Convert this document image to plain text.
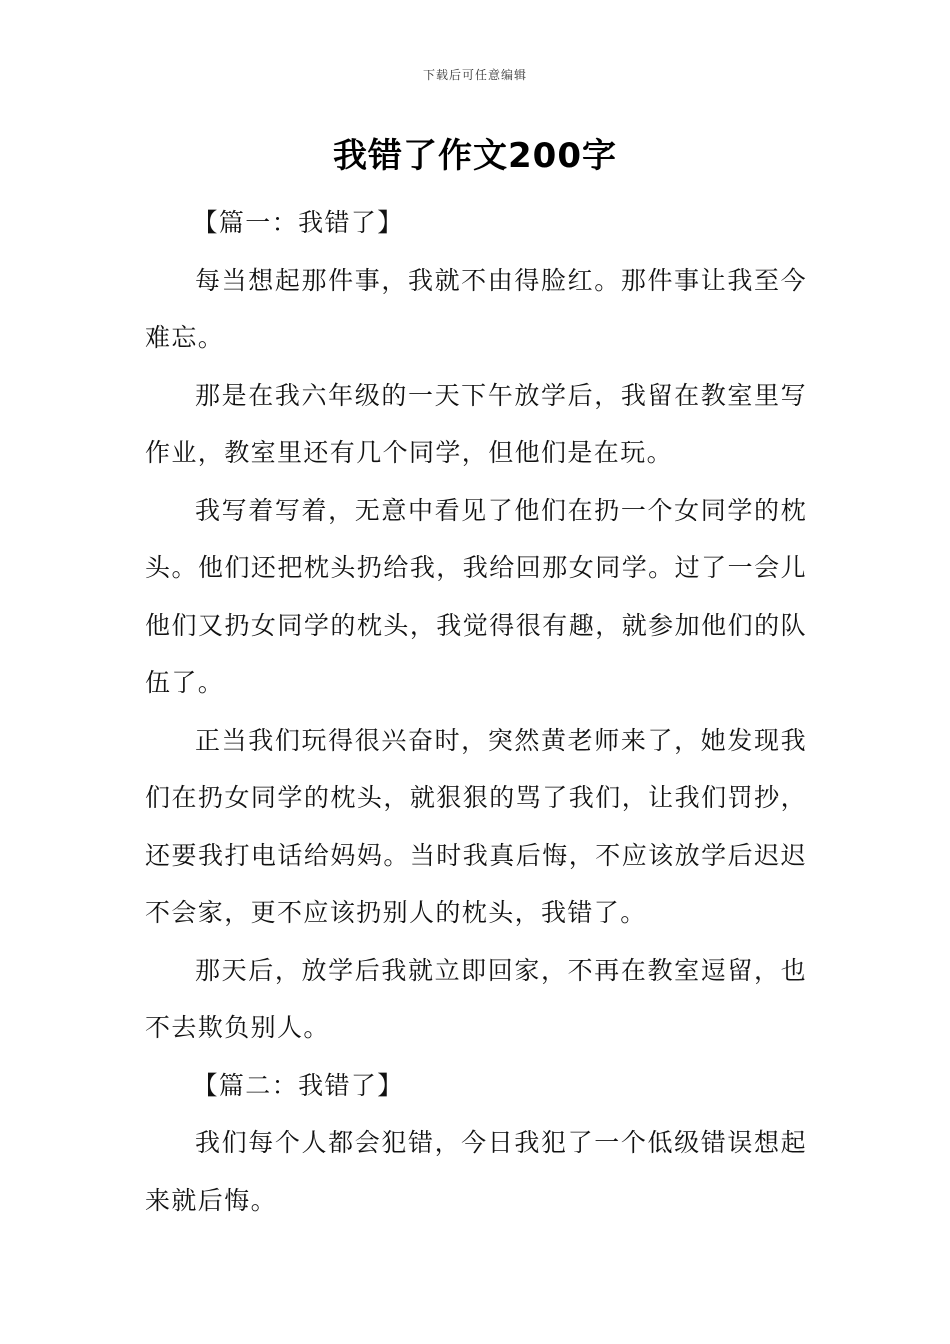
下载后可任意编辑
我错了作文200字

【篇一：我错了】

每当想起那件事，我就不由得脸红。那件事让我至今难忘。

那是在我六年级的一天下午放学后，我留在教室里写作业，教室里还有几个同学，但他们是在玩。

我写着写着，无意中看见了他们在扔一个女同学的枕头。他们还把枕头扔给我，我给回那女同学。过了一会儿他们又扔女同学的枕头，我觉得很有趣，就参加他们的队伍了。

正当我们玩得很兴奋时，突然黄老师来了，她发现我们在扔女同学的枕头，就狠狠的骂了我们，让我们罚抄，还要我打电话给妈妈。当时我真后悔，不应该放学后迟迟不会家，更不应该扔别人的枕头，我错了。

那天后，放学后我就立即回家，不再在教室逗留，也不去欺负别人。

【篇二：我错了】

我们每个人都会犯错，今日我犯了一个低级错误想起来就后悔。
